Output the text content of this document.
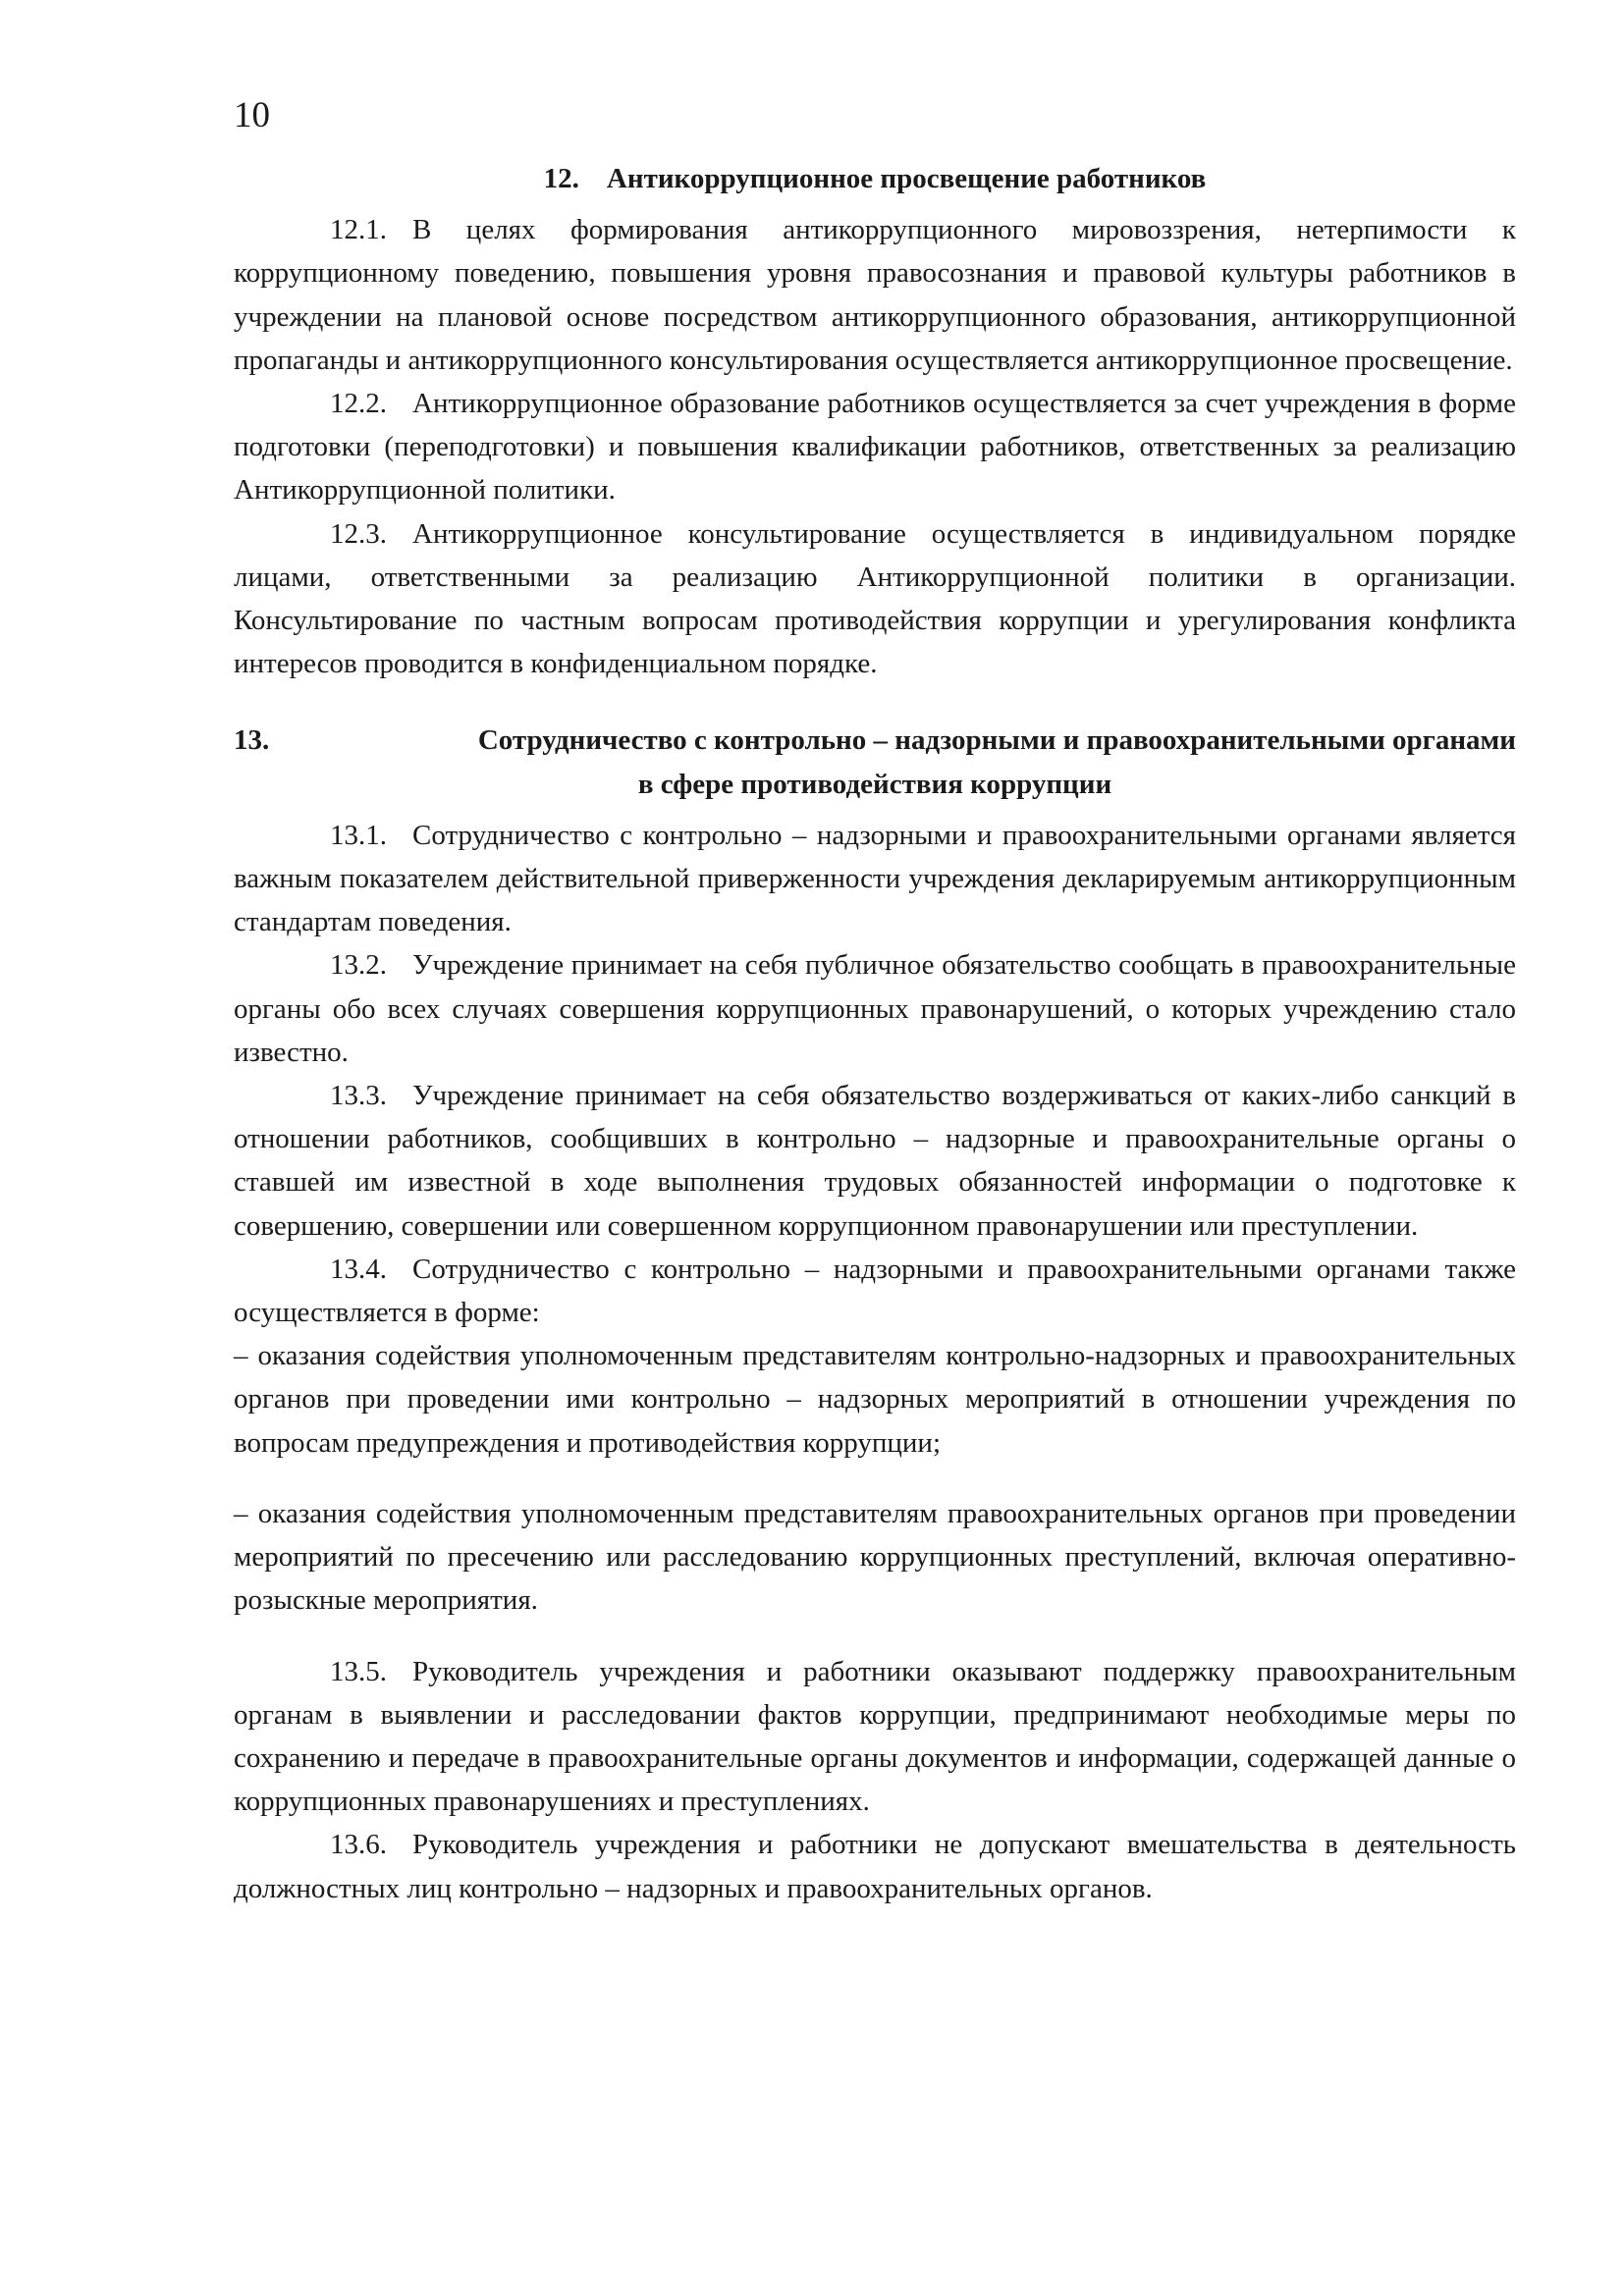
10
12. Антикоррупционное просвещение работников

12.1. В целях формирования антикоррупционного мировоззрения, нетерпимости к коррупционному поведению, повышения уровня правосознания и правовой культуры работников в учреждении на плановой основе посредством антикоррупционного образования, антикоррупционной пропаганды и антикоррупционного консультирования осуществляется антикоррупционное просвещение.

12.2. Антикоррупционное образование работников осуществляется за счет учреждения в форме подготовки (переподготовки) и повышения квалификации работников, ответственных за реализацию Антикоррупционной политики.

12.3. Антикоррупционное консультирование осуществляется в индивидуальном порядке лицами, ответственными за реализацию Антикоррупционной политики в организации. Консультирование по частным вопросам противодействия коррупции и урегулирования конфликта интересов проводится в конфиденциальном порядке.

13.	Сотрудничество с контрольно – надзорными и правоохранительными органами
в сфере противодействия коррупции

13.1. Сотрудничество с контрольно – надзорными и правоохранительными органами является важным показателем действительной приверженности учреждения декларируемым антикоррупционным стандартам поведения.

13.2. Учреждение принимает на себя публичное обязательство сообщать в правоохранительные органы обо всех случаях совершения коррупционных правонарушений, о которых учреждению стало известно.

13.3. Учреждение принимает на себя обязательство воздерживаться от каких-либо санкций в отношении работников, сообщивших в контрольно – надзорные и правоохранительные органы о ставшей им известной в ходе выполнения трудовых обязанностей информации о подготовке к совершению, совершении или совершенном коррупционном правонарушении или преступлении.

13.4. Сотрудничество с контрольно – надзорными и правоохранительными органами также осуществляется в форме:

– оказания содействия уполномоченным представителям контрольно-надзорных и правоохранительных органов при проведении ими контрольно – надзорных мероприятий в отношении учреждения по вопросам предупреждения и противодействия коррупции;

– оказания содействия уполномоченным представителям правоохранительных органов при проведении мероприятий по пресечению или расследованию коррупционных преступлений, включая оперативно-розыскные мероприятия.

13.5. Руководитель учреждения и работники оказывают поддержку правоохранительным органам в выявлении и расследовании фактов коррупции, предпринимают необходимые меры по сохранению и передаче в правоохранительные органы документов и информации, содержащей данные о коррупционных правонарушениях и преступлениях.

13.6. Руководитель учреждения и работники не допускают вмешательства в деятельность должностных лиц контрольно – надзорных и правоохранительных органов.
